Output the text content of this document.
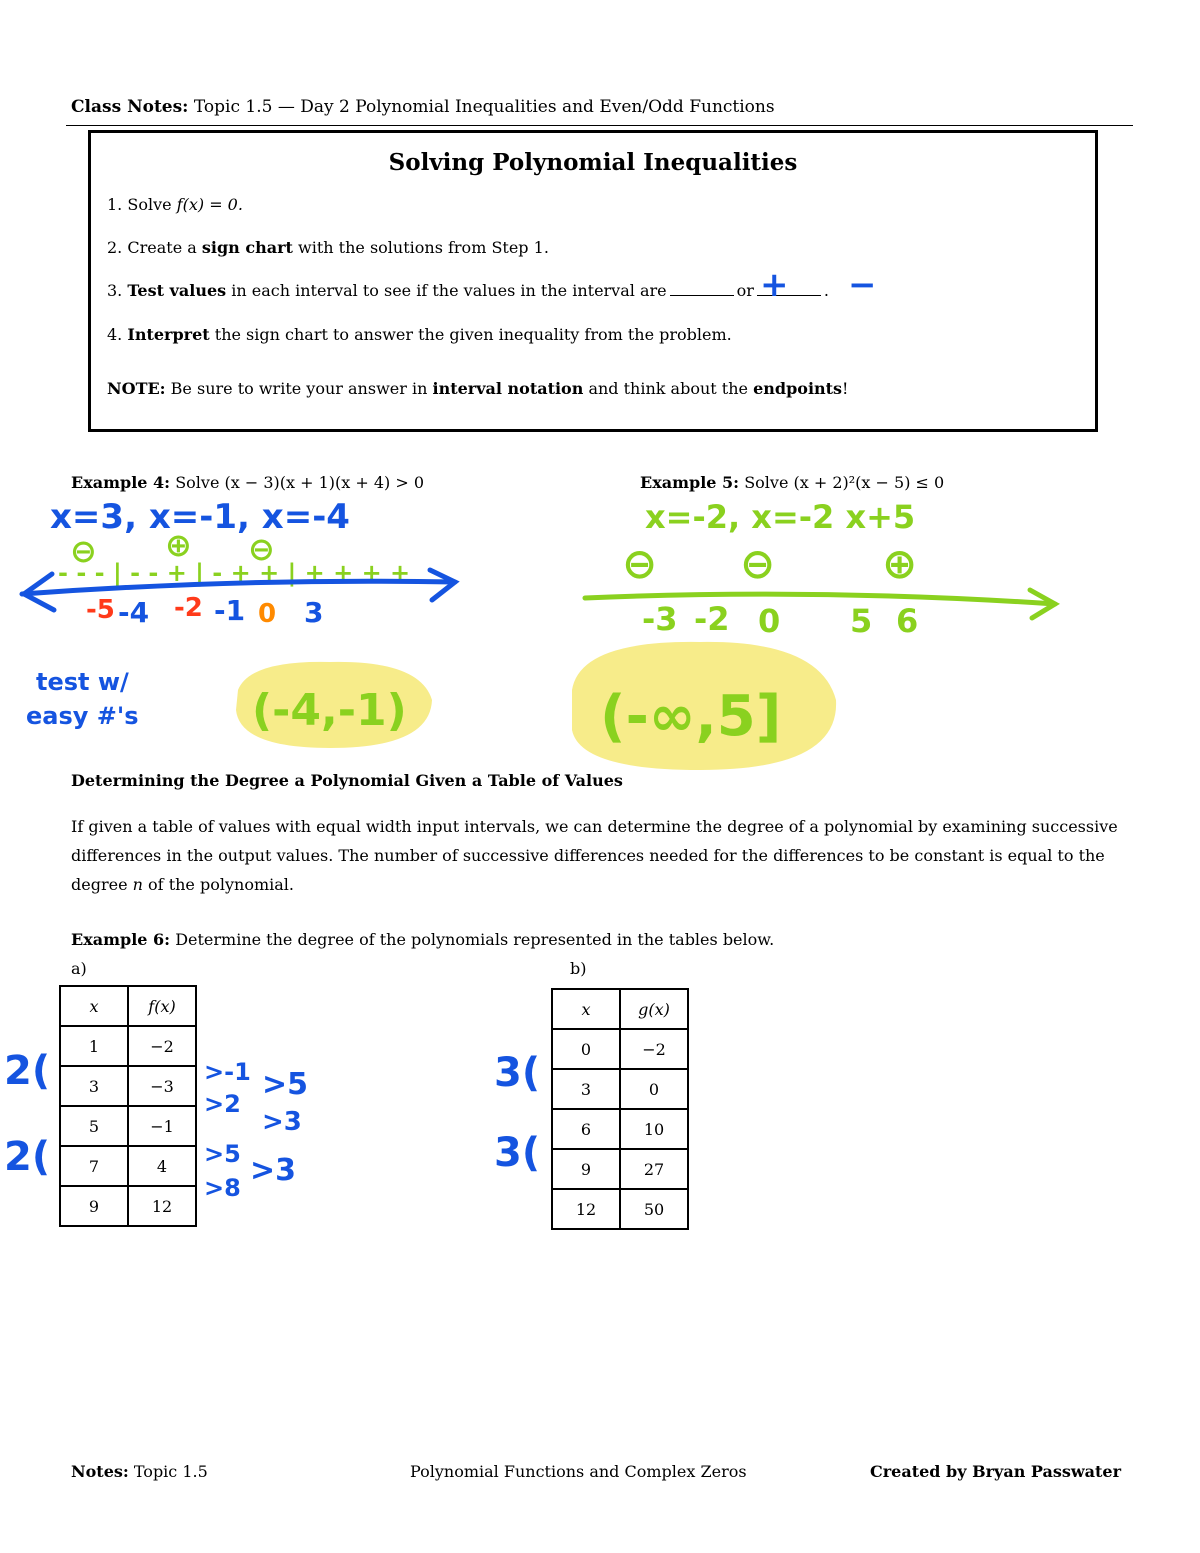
Class Notes: Topic 1.5 — Day 2 Polynomial Inequalities and Even/Odd Functions
Solving Polynomial Inequalities
1. Solve f(x) = 0.
2. Create a sign chart with the solutions from Step 1.
3. Test values in each interval to see if the values in the interval are	or	.
4. Interpret the sign chart to answer the given inequality from the problem.
NOTE: Be sure to write your answer in interval notation and think about the endpoints!
Example 4: Solve (x − 3)(x + 1)(x + 4) > 0	Example 5: Solve (x + 2)²(x − 5) ≤ 0
Determining the Degree a Polynomial Given a Table of Values
If given a table of values with equal width input intervals, we can determine the degree of a polynomial by examining successive differences in the output values. The number of successive differences needed for the differences to be constant is equal to the degree n of the polynomial.
Example 6: Determine the degree of the polynomials represented in the tables below.
a)	b)
x	f(x)
1	−2
3	−3
5	−1
7	4
9	12
x	g(x)
0	−2
3	0
6	10
9	27
12	50
+ −
x=3, x=-1, x=-4
⊖ ⊕ ⊖
- - - | - - + | - + + | + + + +
-5 -2
-4 -1 0 3
test w/
easy #'s	(-4,-1)
x=-2, x=-2 x+5
⊖ ⊖	⊕
-3 -2 0 5 6
(-∞,5]
2(
2(
>-1
>2
>5
>8
>5
>3
>3
3(
3(
Notes: Topic 1.5	Polynomial Functions and Complex Zeros	Created by Bryan Passwater
